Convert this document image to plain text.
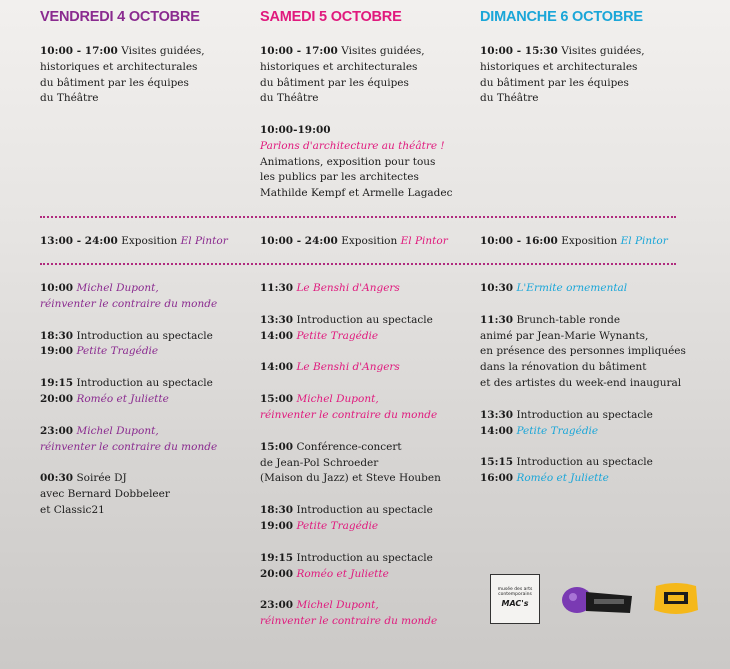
VENDREDI 4 OCTOBRE
10:00 - 17:00 Visites guidées,
historiques et architecturales
du bâtiment par les équipes
du Théâtre
13:00 - 24:00 Exposition El Pintor
10:00 Michel Dupont,
réinventer le contraire du monde
18:30 Introduction au spectacle
19:00 Petite Tragédie
19:15 Introduction au spectacle
20:00 Roméo et Juliette
23:00 Michel Dupont,
réinventer le contraire du monde
00:30 Soirée DJ
avec Bernard Dobbeleer
et Classic21
SAMEDI 5 OCTOBRE
10:00 - 17:00 Visites guidées,
historiques et architecturales
du bâtiment par les équipes
du Théâtre
10:00-19:00
Parlons d'architecture au théâtre !
Animations, exposition pour tous
les publics par les architectes
Mathilde Kempf et Armelle Lagadec
10:00 - 24:00 Exposition El Pintor
11:30 Le Benshi d'Angers
13:30 Introduction au spectacle
14:00 Petite Tragédie
14:00 Le Benshi d'Angers
15:00 Michel Dupont,
réinventer le contraire du monde
15:00 Conférence-concert
de Jean-Pol Schroeder
(Maison du Jazz) et Steve Houben
18:30 Introduction au spectacle
19:00 Petite Tragédie
19:15 Introduction au spectacle
20:00 Roméo et Juliette
23:00 Michel Dupont,
réinventer le contraire du monde
DIMANCHE 6 OCTOBRE
10:00 - 15:30 Visites guidées,
historiques et architecturales
du bâtiment par les équipes
du Théâtre
10:00 - 16:00 Exposition El Pintor
10:30 L'Ermite ornemental
11:30 Brunch-table ronde
animé par Jean-Marie Wynants,
en présence des personnes impliquées
dans la rénovation du bâtiment
et des artistes du week-end inaugural
13:30 Introduction au spectacle
14:00 Petite Tragédie
15:15 Introduction au spectacle
16:00 Roméo et Juliette
musée des arts
contemporains
MAC's
